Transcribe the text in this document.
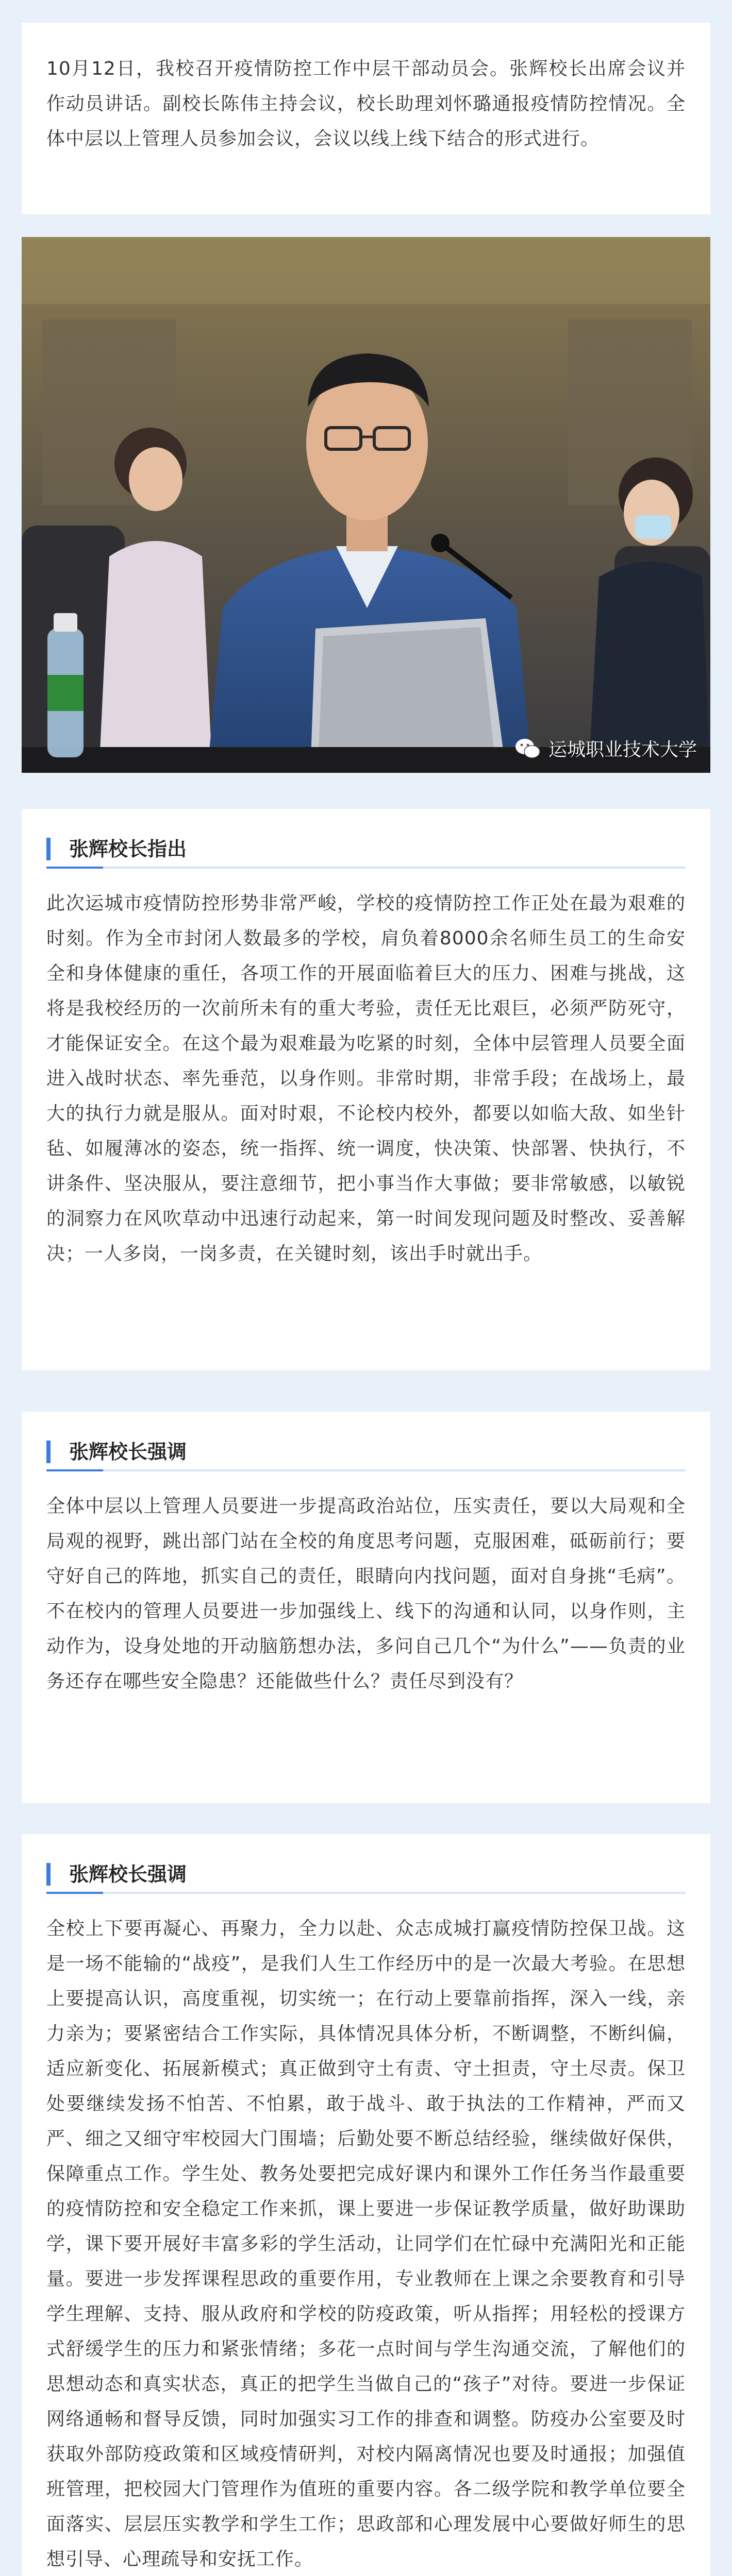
10月12日，我校召开疫情防控工作中层干部动员会。张辉校长出席会议并作动员讲话。副校长陈伟主持会议，校长助理刘怀璐通报疫情防控情况。全体中层以上管理人员参加会议，会议以线上线下结合的形式进行。

运城职业技术大学
张辉校长指出

此次运城市疫情防控形势非常严峻，学校的疫情防控工作正处在最为艰难的时刻。作为全市封闭人数最多的学校，肩负着8000余名师生员工的生命安全和身体健康的重任，各项工作的开展面临着巨大的压力、困难与挑战，这将是我校经历的一次前所未有的重大考验，责任无比艰巨，必须严防死守，才能保证安全。在这个最为艰难最为吃紧的时刻，全体中层管理人员要全面进入战时状态、率先垂范，以身作则。非常时期，非常手段；在战场上，最大的执行力就是服从。面对时艰，不论校内校外，都要以如临大敌、如坐针毡、如履薄冰的姿态，统一指挥、统一调度，快决策、快部署、快执行，不讲条件、坚决服从，要注意细节，把小事当作大事做；要非常敏感，以敏锐的洞察力在风吹草动中迅速行动起来，第一时间发现问题及时整改、妥善解决；一人多岗，一岗多责，在关键时刻，该出手时就出手。

张辉校长强调

全体中层以上管理人员要进一步提高政治站位，压实责任，要以大局观和全局观的视野，跳出部门站在全校的角度思考问题，克服困难，砥砺前行；要守好自己的阵地，抓实自己的责任，眼睛向内找问题，面对自身挑“毛病”。不在校内的管理人员要进一步加强线上、线下的沟通和认同，以身作则，主动作为，设身处地的开动脑筋想办法，多问自己几个“为什么”——负责的业务还存在哪些安全隐患？还能做些什么？责任尽到没有？

张辉校长强调

全校上下要再凝心、再聚力，全力以赴、众志成城打赢疫情防控保卫战。这是一场不能输的“战疫”，是我们人生工作经历中的是一次最大考验。在思想上要提高认识，高度重视，切实统一；在行动上要靠前指挥，深入一线，亲力亲为；要紧密结合工作实际，具体情况具体分析，不断调整，不断纠偏，适应新变化、拓展新模式；真正做到守土有责、守土担责，守土尽责。保卫处要继续发扬不怕苦、不怕累，敢于战斗、敢于执法的工作精神，严而又严、细之又细守牢校园大门围墙；后勤处要不断总结经验，继续做好保供，保障重点工作。学生处、教务处要把完成好课内和课外工作任务当作最重要的疫情防控和安全稳定工作来抓，课上要进一步保证教学质量，做好助课助学，课下要开展好丰富多彩的学生活动，让同学们在忙碌中充满阳光和正能量。要进一步发挥课程思政的重要作用，专业教师在上课之余要教育和引导学生理解、支持、服从政府和学校的防疫政策，听从指挥；用轻松的授课方式舒缓学生的压力和紧张情绪；多花一点时间与学生沟通交流，了解他们的思想动态和真实状态，真正的把学生当做自己的“孩子”对待。要进一步保证网络通畅和督导反馈，同时加强实习工作的排查和调整。防疫办公室要及时获取外部防疫政策和区域疫情研判，对校内隔离情况也要及时通报；加强值班管理，把校园大门管理作为值班的重要内容。各二级学院和教学单位要全面落实、层层压实教学和学生工作；思政部和心理发展中心要做好师生的思想引导、心理疏导和安抚工作。
